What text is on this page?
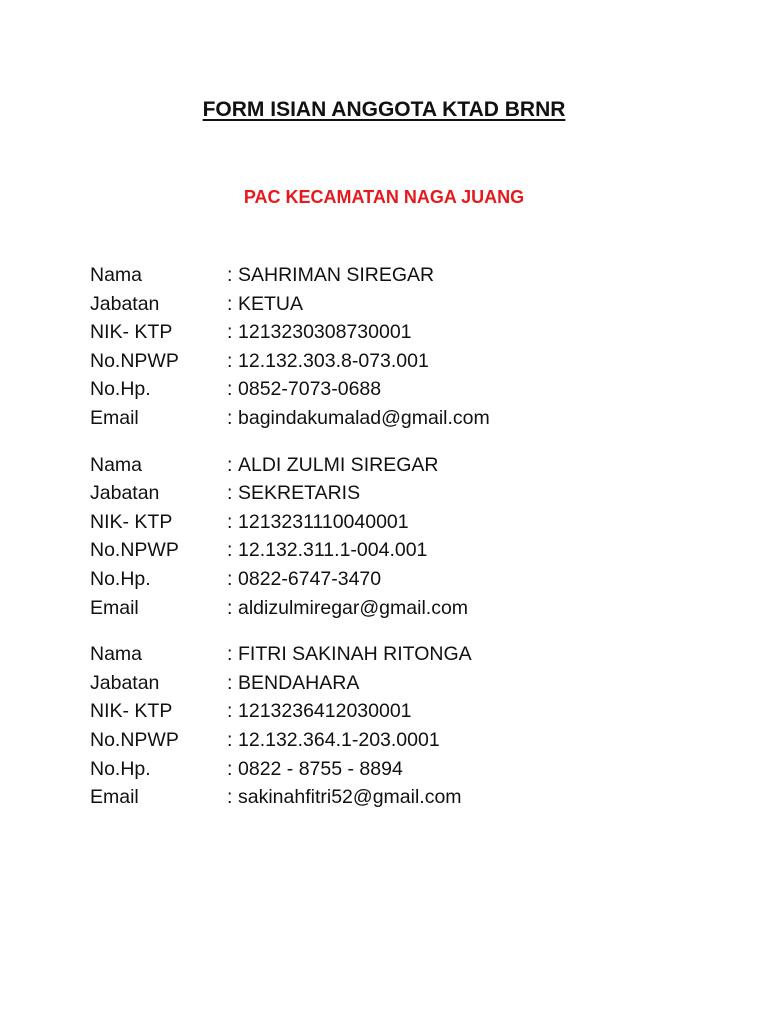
FORM ISIAN ANGGOTA KTAD BRNR
PAC KECAMATAN NAGA JUANG
Nama	: SAHRIMAN SIREGAR
Jabatan	: KETUA
NIK- KTP	: 1213230308730001
No.NPWP	: 12.132.303.8-073.001
No.Hp.	: 0852-7073-0688
Email	: bagindakumalad@gmail.com
Nama	: ALDI ZULMI SIREGAR
Jabatan	: SEKRETARIS
NIK- KTP	: 1213231110040001
No.NPWP	: 12.132.311.1-004.001
No.Hp.	: 0822-6747-3470
Email	: aldizulmiregar@gmail.com
Nama	: FITRI SAKINAH RITONGA
Jabatan	: BENDAHARA
NIK- KTP	: 1213236412030001
No.NPWP	: 12.132.364.1-203.0001
No.Hp.	: 0822 - 8755 - 8894
Email	: sakinahfitri52@gmail.com
